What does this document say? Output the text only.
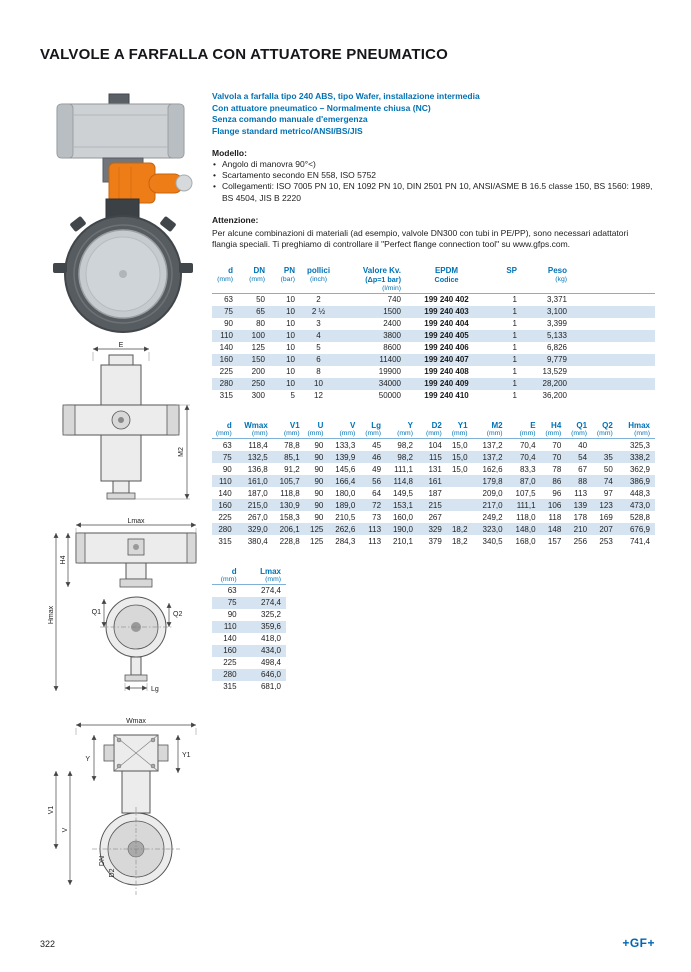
VALVOLE A FARFALLA CON ATTUATORE PNEUMATICO
E
M2
Lmax
Hmax
H4
Q1	Q2
Lg
Wmax
Y
Y1
V1
V
DN
D2
Valvola a farfalla tipo 240 ABS, tipo Wafer, installazione intermedia
Con attuatore pneumatico – Normalmente chiusa (NC)
Senza comando manuale d'emergenza
Flange standard metrico/ANSI/BS/JIS
Modello:
• Angolo di manovra 90°<)
• Scartamento secondo EN 558, ISO 5752
• Collegamenti: ISO 7005 PN 10, EN 1092 PN 10, DIN 2501 PN 10, ANSI/ASME B 16.5 classe 150, BS 1560: 1989, BS 4504, JIS B 2220
Attenzione:
Per alcune combinazioni di materiali (ad esempio, valvole DN300 con tubi in PE/PP), sono necessari adattatori flangia speciali. Ti preghiamo di controllare il "Perfect flange connection tool" su www.gfps.com.
d	DN	PN	pollici	Valore Kv.	EPDM	SP	Peso	
(mm)	(mm)	(bar)	(inch)	(Δp=1 bar)	Codice		(kg)	
				(l/min)				
63	50	10	2	740	199 240 402	1	3,371	
75	65	10	2 ½	1500	199 240 403	1	3,100	
90	80	10	3	2400	199 240 404	1	3,399	
110	100	10	4	3800	199 240 405	1	5,133	
140	125	10	5	8600	199 240 406	1	6,826	
160	150	10	6	11400	199 240 407	1	9,779	
225	200	10	8	19900	199 240 408	1	13,529	
280	250	10	10	34000	199 240 409	1	28,200	
315	300	5	12	50000	199 240 410	1	36,200	
d	Wmax	V1	U	V	Lg	Y	D2	Y1	M2	E	H4	Q1	Q2	Hmax
(mm)	(mm)	(mm)	(mm)	(mm)	(mm)	(mm)	(mm)	(mm)	(mm)	(mm)	(mm)	(mm)	(mm)	(mm)
63	118,4	78,8	90	133,3	45	98,2	104	15,0	137,2	70,4	70	40		325,3
75	132,5	85,1	90	139,9	46	98,2	115	15,0	137,2	70,4	70	54	35	338,2
90	136,8	91,2	90	145,6	49	111,1	131	15,0	162,6	83,3	78	67	50	362,9
110	161,0	105,7	90	166,4	56	114,8	161		179,8	87,0	86	88	74	386,9
140	187,0	118,8	90	180,0	64	149,5	187		209,0	107,5	96	113	97	448,3
160	215,0	130,9	90	189,0	72	153,1	215		217,0	111,1	106	139	123	473,0
225	267,0	158,3	90	210,5	73	160,0	267		249,2	118,0	118	178	169	528,8
280	329,0	206,1	125	262,6	113	190,0	329	18,2	323,0	148,0	148	210	207	676,9
315	380,4	228,8	125	284,3	113	210,1	379	18,2	340,5	168,0	157	256	253	741,4
d	Lmax
(mm)	(mm)
63	274,4
75	274,4
90	325,2
110	359,6
140	418,0
160	434,0
225	498,4
280	646,0
315	681,0
322	+GF+
